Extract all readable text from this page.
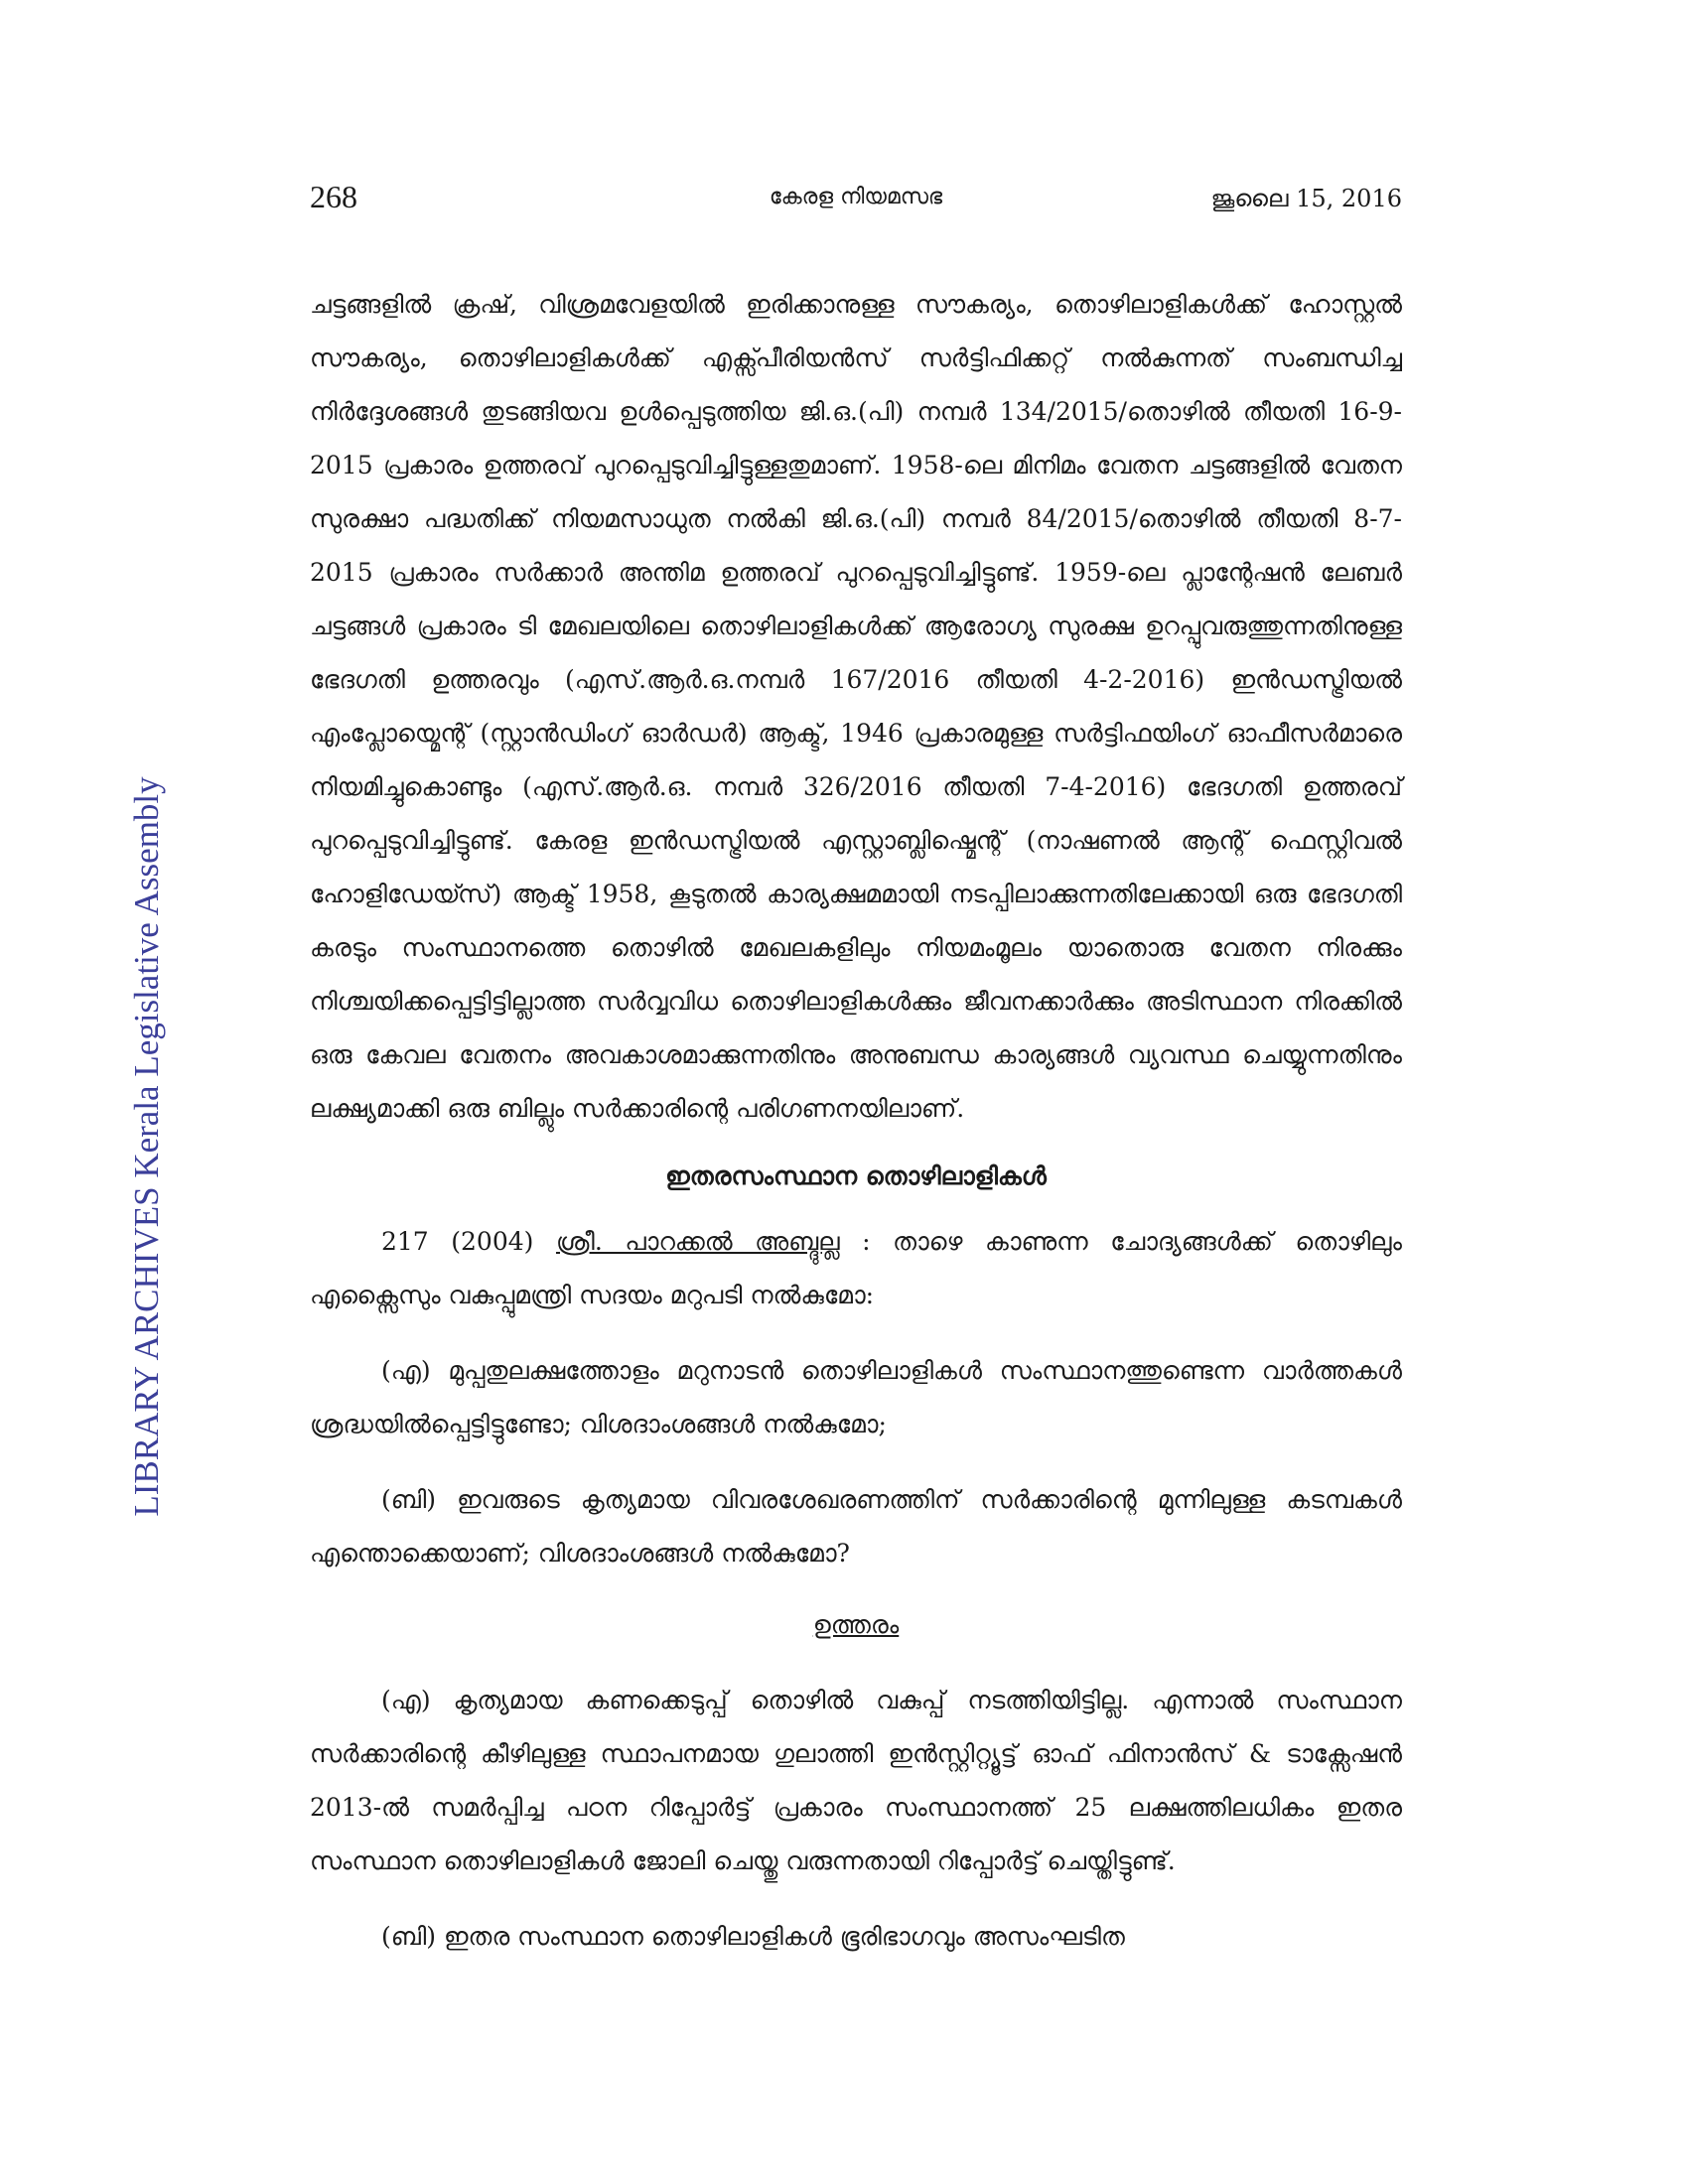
268	കേരള നിയമസഭ	ജൂലൈ 15, 2016
LIBRARY ARCHIVES Kerala Legislative Assembly

ചട്ടങ്ങളിൽ ക്രഷ്, വിശ്രമവേളയിൽ ഇരിക്കാനുള്ള സൗകര്യം, തൊഴിലാളികൾക്ക് ഹോസ്റ്റൽ സൗകര്യം, തൊഴിലാളികൾക്ക് എക്സ്പീരിയൻസ് സർട്ടിഫിക്കറ്റ് നൽകുന്നത് സംബന്ധിച്ച നിർദ്ദേശങ്ങൾ തുടങ്ങിയവ ഉൾപ്പെടുത്തിയ ജി.ഒ.(പി) നമ്പർ 134/2015/തൊഴിൽ തീയതി 16-9-2015 പ്രകാരം ഉത്തരവ് പുറപ്പെടുവിച്ചിട്ടുള്ളതുമാണ്. 1958-ലെ മിനിമം വേതന ചട്ടങ്ങളിൽ വേതന സുരക്ഷാ പദ്ധതിക്ക് നിയമസാധുത നൽകി ജി.ഒ.(പി) നമ്പർ 84/2015/തൊഴിൽ തീയതി 8-7-2015 പ്രകാരം സർക്കാർ അന്തിമ ഉത്തരവ് പുറപ്പെടുവിച്ചിട്ടുണ്ട്. 1959-ലെ പ്ലാന്റേഷൻ ലേബർ ചട്ടങ്ങൾ പ്രകാരം ടി മേഖലയിലെ തൊഴിലാളികൾക്ക് ആരോഗ്യ സുരക്ഷ ഉറപ്പുവരുത്തുന്നതിനുള്ള ഭേദഗതി ഉത്തരവും (എസ്.ആർ.ഒ.നമ്പർ 167/2016 തീയതി 4-2-2016) ഇൻഡസ്ട്രിയൽ എംപ്ലോയ്മെന്റ് (സ്റ്റാൻഡിംഗ് ഓർഡർ) ആക്ട്, 1946 പ്രകാരമുള്ള സർട്ടിഫയിംഗ് ഓഫീസർമാരെ നിയമിച്ചുകൊണ്ടും (എസ്.ആർ.ഒ. നമ്പർ 326/2016 തീയതി 7-4-2016) ഭേദഗതി ഉത്തരവ് പുറപ്പെടുവിച്ചിട്ടുണ്ട്. കേരള ഇൻഡസ്ട്രിയൽ എസ്റ്റാബ്ലിഷ്മെന്റ് (നാഷണൽ ആന്റ് ഫെസ്റ്റിവൽ ഹോളിഡേയ്സ്) ആക്ട് 1958, കൂടുതൽ കാര്യക്ഷമമായി നടപ്പിലാക്കുന്നതിലേക്കായി ഒരു ഭേദഗതി കരടും സംസ്ഥാനത്തെ തൊഴിൽ മേഖലകളിലും നിയമംമൂലം യാതൊരു വേതന നിരക്കും നിശ്ചയിക്കപ്പെട്ടിട്ടില്ലാത്ത സർവ്വവിധ തൊഴിലാളികൾക്കും ജീവനക്കാർക്കും അടിസ്ഥാന നിരക്കിൽ ഒരു കേവല വേതനം അവകാശമാക്കുന്നതിനും അനുബന്ധ കാര്യങ്ങൾ വ്യവസ്ഥ ചെയ്യുന്നതിനും ലക്ഷ്യമാക്കി ഒരു ബില്ലും സർക്കാരിന്റെ പരിഗണനയിലാണ്.

ഇതരസംസ്ഥാന തൊഴിലാളികൾ

217 (2004) ശ്രീ. പാറക്കൽ അബ്ദുല്ല : താഴെ കാണുന്ന ചോദ്യങ്ങൾക്ക് തൊഴിലും എക്സൈസും വകുപ്പുമന്ത്രി സദയം മറുപടി നൽകുമോ:

(എ) മുപ്പതുലക്ഷത്തോളം മറുനാടൻ തൊഴിലാളികൾ സംസ്ഥാനത്തുണ്ടെന്ന വാർത്തകൾ ശ്രദ്ധയിൽപ്പെട്ടിട്ടുണ്ടോ; വിശദാംശങ്ങൾ നൽകുമോ;

(ബി) ഇവരുടെ കൃത്യമായ വിവരശേഖരണത്തിന് സർക്കാരിന്റെ മുന്നിലുള്ള കടമ്പകൾ എന്തൊക്കെയാണ്; വിശദാംശങ്ങൾ നൽകുമോ?

ഉത്തരം

(എ) കൃത്യമായ കണക്കെടുപ്പ് തൊഴിൽ വകുപ്പ് നടത്തിയിട്ടില്ല. എന്നാൽ സംസ്ഥാന സർക്കാരിന്റെ കീഴിലുള്ള സ്ഥാപനമായ ഗുലാത്തി ഇൻസ്റ്റിറ്റ്യൂട്ട് ഓഫ് ഫിനാൻസ് & ടാക്സേഷൻ 2013-ൽ സമർപ്പിച്ച പഠന റിപ്പോർട്ട് പ്രകാരം സംസ്ഥാനത്ത് 25 ലക്ഷത്തിലധികം ഇതര സംസ്ഥാന തൊഴിലാളികൾ ജോലി ചെയ്തു വരുന്നതായി റിപ്പോർട്ട് ചെയ്തിട്ടുണ്ട്.

(ബി) ഇതര സംസ്ഥാന തൊഴിലാളികൾ ഭൂരിഭാഗവും അസംഘടിത
